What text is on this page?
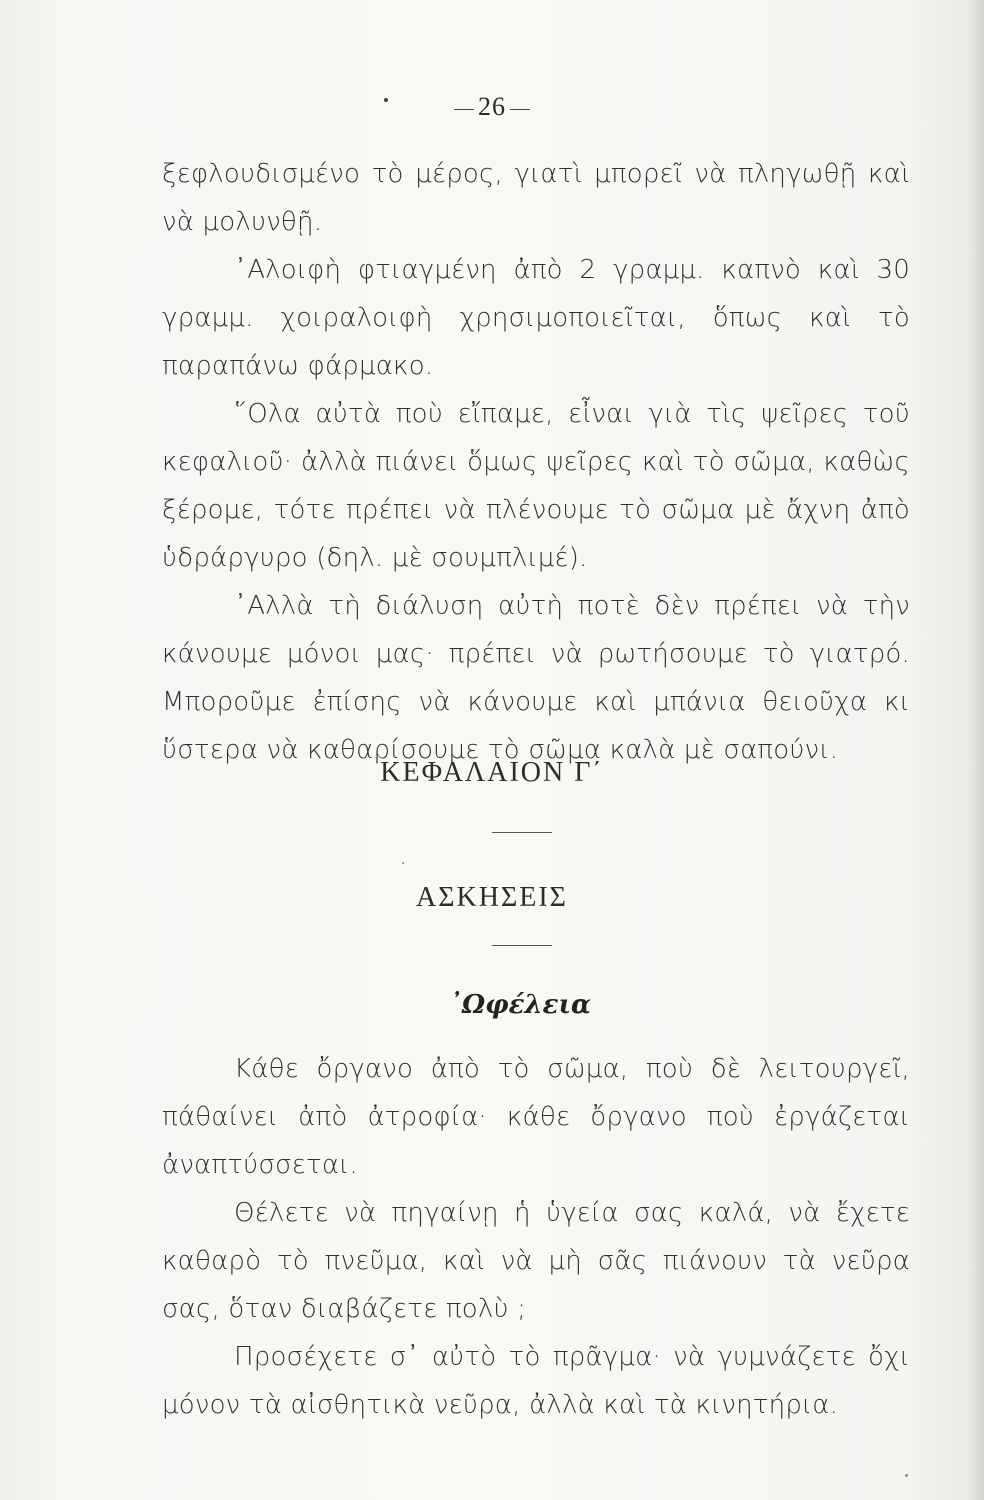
26

ξεφλουδισμένο τὸ μέρος, γιατὶ μπορεῖ νὰ πληγωθῇ καὶ νὰ μολυνθῇ.

᾿Αλοιφὴ φτιαγμένη ἀπὸ 2 γραμμ. καπνὸ καὶ 30 γραμμ. χοιραλοιφὴ χρησιμοποιεῖται, ὅπως καὶ τὸ παραπάνω φάρμακο.

῞Ολα αὐτὰ ποὺ εἴπαμε, εἶναι γιὰ τὶς ψεῖρες τοῦ κεφαλιοῦ· ἀλλὰ πιάνει ὅμως ψεῖρες καὶ τὸ σῶμα, καθὼς ξέρομε, τότε πρέπει νὰ πλένουμε τὸ σῶμα μὲ ἄχνη ἀπὸ ὑδράργυρο (δηλ. μὲ σουμπλιμέ).

᾿Αλλὰ τὴ διάλυση αὐτὴ ποτὲ δὲν πρέπει νὰ τὴν κάνουμε μόνοι μας· πρέπει νὰ ρωτήσουμε τὸ γιατρό. Μποροῦμε ἐπίσης νὰ κάνουμε καὶ μπάνια θειοῦχα κι ὕστερα νὰ καθαρίσουμε τὸ σῶμα καλὰ μὲ σαπούνι.

ΚΕΦΑΛΑΙΟΝ Γ΄
ΑΣΚΗΣΕΙΣ
᾿Ωφέλεια

Κάθε ὄργανο ἀπὸ τὸ σῶμα, ποὺ δὲ λειτουργεῖ, πάθαίνει ἀπὸ ἀτροφία· κάθε ὄργανο ποὺ ἐργάζεται ἀναπτύσσεται.

Θέλετε νὰ πηγαίνῃ ἡ ὑγεία σας καλά, νὰ ἔχετε καθαρὸ τὸ πνεῦμα, καὶ νὰ μὴ σᾶς πιάνουν τὰ νεῦρα σας, ὅταν διαβάζετε πολὺ ;

Προσέχετε σ᾿ αὐτὸ τὸ πρᾶγμα· νὰ γυμνάζετε ὄχι μόνον τὰ αἰσθητικὰ νεῦρα, ἀλλὰ καὶ τὰ κινητήρια.
